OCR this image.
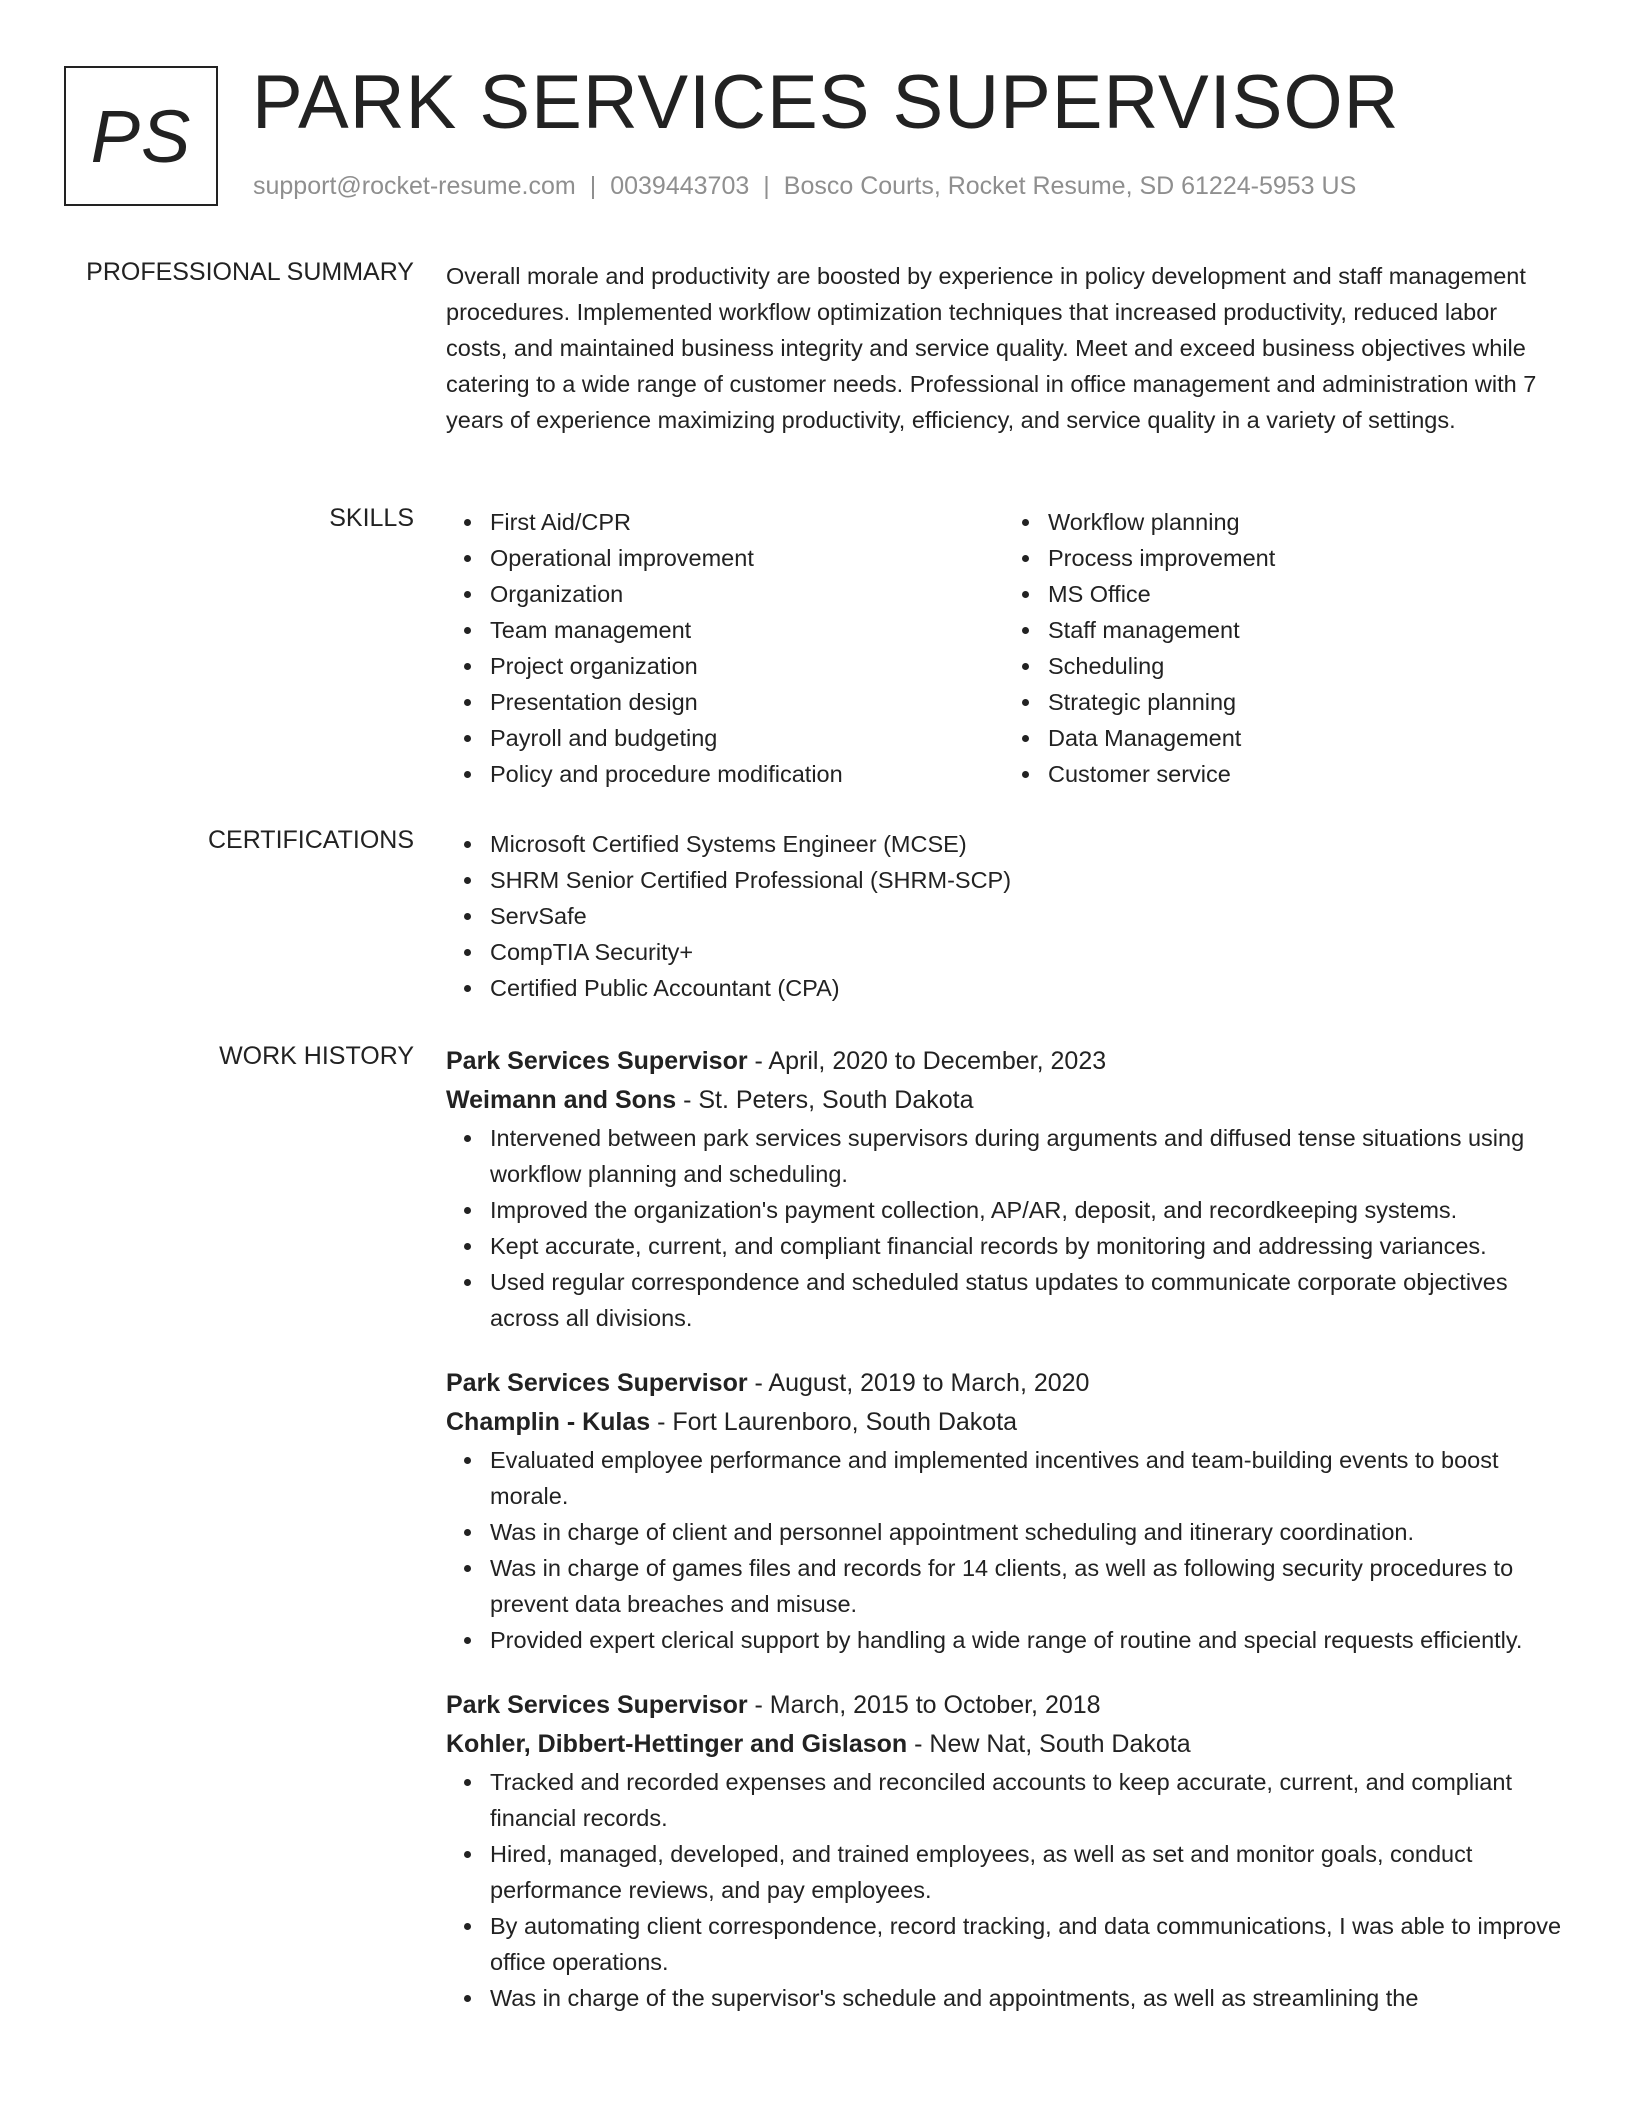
PS PARK SERVICES SUPERVISOR
support@rocket-resume.com | 0039443703 | Bosco Courts, Rocket Resume, SD 61224-5953 US
PROFESSIONAL SUMMARY Overall morale and productivity are boosted by experience in policy development and staff management procedures. Implemented workflow optimization techniques that increased productivity, reduced labor costs, and maintained business integrity and service quality. Meet and exceed business objectives while catering to a wide range of customer needs. Professional in office management and administration with 7 years of experience maximizing productivity, efficiency, and service quality in a variety of settings.

SKILLS	First Aid/CPR
Operational improvement
Organization
Team management
Project organization
Presentation design
Payroll and budgeting
Policy and procedure modification
Workflow planning
Process improvement
MS Office
Staff management
Scheduling
Strategic planning
Data Management
Customer service
CERTIFICATIONS	Microsoft Certified Systems Engineer (MCSE)
SHRM Senior Certified Professional (SHRM-SCP)
ServSafe
CompTIA Security+
Certified Public Accountant (CPA)
WORK HISTORY Park Services Supervisor - April, 2020 to December, 2023
Weimann and Sons - St. Peters, South Dakota
Intervened between park services supervisors during arguments and diffused tense situations using workflow planning and scheduling.
Improved the organization's payment collection, AP/AR, deposit, and recordkeeping systems.
Kept accurate, current, and compliant financial records by monitoring and addressing variances.
Used regular correspondence and scheduled status updates to communicate corporate objectives across all divisions.
Park Services Supervisor - August, 2019 to March, 2020
Champlin - Kulas - Fort Laurenboro, South Dakota
Evaluated employee performance and implemented incentives and team-building events to boost morale.
Was in charge of client and personnel appointment scheduling and itinerary coordination.
Was in charge of games files and records for 14 clients, as well as following security procedures to prevent data breaches and misuse.
Provided expert clerical support by handling a wide range of routine and special requests efficiently.
Park Services Supervisor - March, 2015 to October, 2018
Kohler, Dibbert-Hettinger and Gislason - New Nat, South Dakota
Tracked and recorded expenses and reconciled accounts to keep accurate, current, and compliant financial records.
Hired, managed, developed, and trained employees, as well as set and monitor goals, conduct performance reviews, and pay employees.
By automating client correspondence, record tracking, and data communications, I was able to improve office operations.
Was in charge of the supervisor's schedule and appointments, as well as streamlining the
